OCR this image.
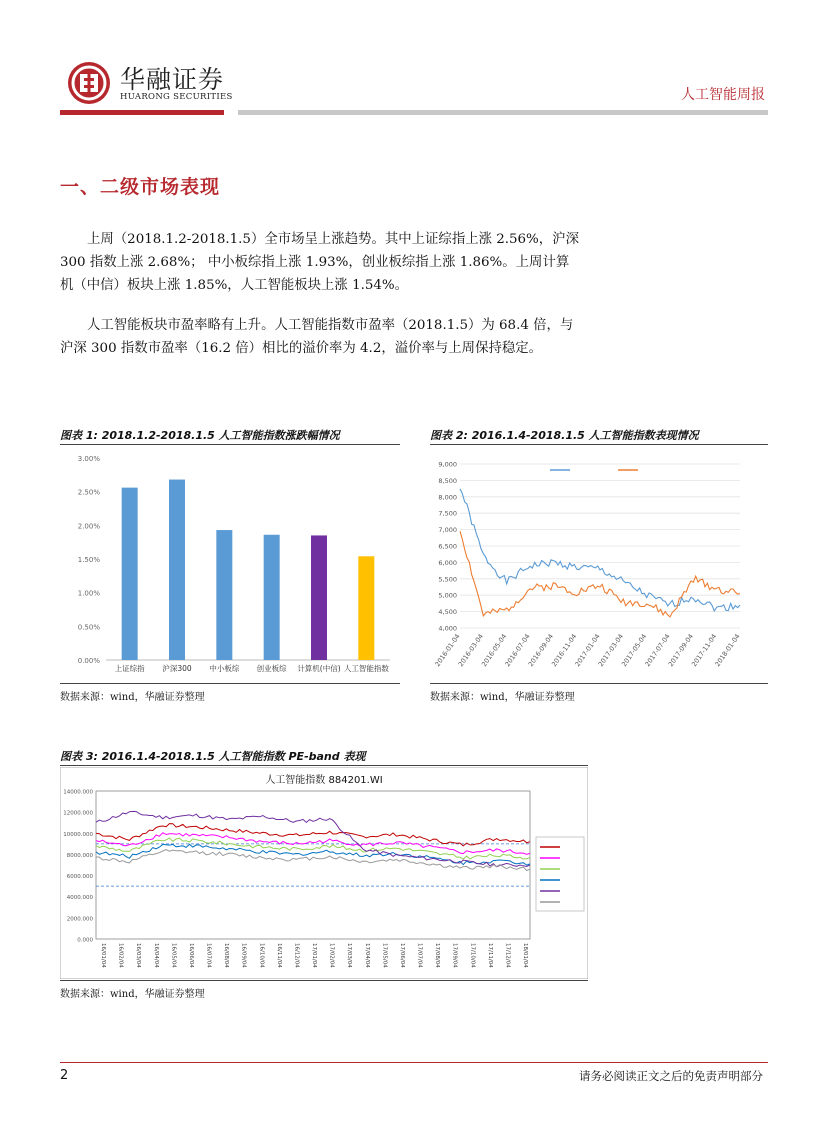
华融证券
HUARONG SECURITIES	人工智能周报
一、二级市场表现
上周（2018.1.2-2018.1.5）全市场呈上涨趋势。其中上证综指上涨 2.56%，沪深 300 指数上涨 2.68%； 中小板综指上涨 1.93%，创业板综指上涨 1.86%。上周计算机（中信）板块上涨 1.85%，人工智能板块上涨 1.54%。
人工智能板块市盈率略有上升。人工智能指数市盈率（2018.1.5）为 68.4 倍，与沪深 300 指数市盈率（16.2 倍）相比的溢价率为 4.2，溢价率与上周保持稳定。
图表 1: 2018.1.2-2018.1.5 人工智能指数涨跌幅情况
0.00%
0.50%
1.00%
1.50%
2.00%
2.50%
3.00%
上证综指 沪深300 中小板综 创业板综 计算机(中信) 人工智能指数
数据来源：wind，华融证券整理
图表 2: 2016.1.4-2018.1.5 人工智能指数表现情况
4,000
4,500
5,000
5,500
6,000
6,500
7,000
7,500
8,000
8,500
9,000
2016-01-04
2016-03-04
2016-05-04
2016-07-04
2016-09-04
2016-11-04
2017-01-04
2017-03-04
2017-05-04
2017-07-04
2017-09-04
2017-11-04
2018-01-04
数据来源：wind，华融证券整理
图表 3: 2016.1.4-2018.1.5 人工智能指数 PE-band 表现
人工智能指数 884201.WI
0.000
2000.000
4000.000
6000.000
8000.000
10000.000
12000.000
14000.000
16/01/04 16/02/04 16/03/04 16/04/04 16/05/04 16/06/04 16/07/04 16/08/04 16/09/04 16/10/04 16/11/04 16/12/04 17/01/04 17/02/04 17/03/04 17/04/04 17/05/04 17/06/04 17/07/04 17/08/04 17/09/04 17/10/04 17/11/04 17/12/04 18/01/04
数据来源：wind，华融证券整理
2	请务必阅读正文之后的免责声明部分
